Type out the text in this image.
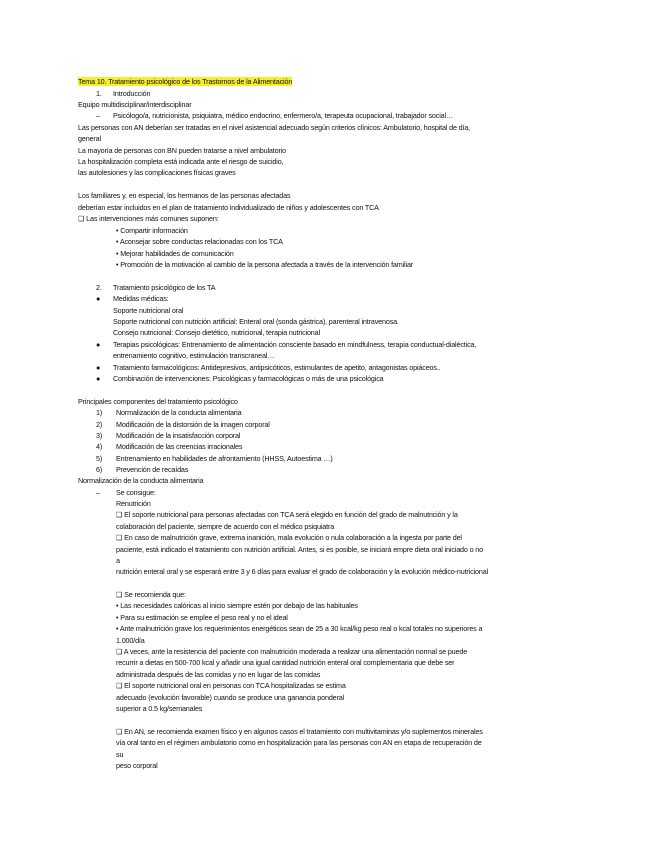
Tema 10. Tratamiento psicológico de los Trastornos de la Alimentación
1. Introducción
Equipo multidisciplinar/interdisciplinar
– Psicólogo/a, nutricionista, psiquiatra, médico endocrino, enfermero/a, terapeuta ocupacional, trabajador social…
Las personas con AN deberían ser tratadas en el nivel asistencial adecuado según criterios clínicos: Ambulatorio, hospital de día,
general
La mayoría de personas con BN pueden tratarse a nivel ambulatorio
La hospitalización completa está indicada ante el riesgo de suicidio,
las autolesiones y las complicaciones físicas graves
Los familiares y, en especial, los hermanos de las personas afectadas
deberían estar incluidos en el plan de tratamiento individualizado de niños y adolescentes con TCA
❑ Las intervenciones más comunes suponen:
• Compartir información
• Aconsejar sobre conductas relacionadas con los TCA
• Mejorar habilidades de comunicación
• Promoción de la motivación al cambio de la persona afectada a través de la intervención familiar
2. Tratamiento psicológico de los TA
● Medidas médicas:
Soporte nutricional oral
Soporte nutricional con nutrición artificial: Enteral oral (sonda gástrica), parenteral intravenosa.
Consejo nutricional: Consejo dietético, nutricional, terapia nutricional
● Terapias psicológicas: Entrenamiento de alimentación consciente basado en mindfulness, terapia conductual-dialéctica,
entrenamiento cognitivo, estimulación transcraneal…
● Tratamiento farmacológicos: Antidepresivos, antipsicóticos, estimulantes de apetito, antagonistas opiáceos..
● Combinación de intervenciones: Psicológicas y farmacológicas o más de una psicológica
Principales componentes del tratamiento psicológico
1) Normalización de la conducta alimentaria
2) Modificación de la distorsión de la imagen corporal
3) Modificación de la insatisfacción corporal
4) Modificación de las creencias irracionales
5) Entrenamiento en habilidades de afrontamiento (HHSS, Autoestima …)
6) Prevención de recaídas
Normalización de la conducta alimentaria
– Se consigue:
Renutrición
❑ El soporte nutricional para personas afectadas con TCA será elegido en función del grado de malnutrición y la
colaboración del paciente, siempre de acuerdo con el médico psiquiatra
❑ En caso de malnutrición grave, extrema inanición, mala evolución o nula colaboración a la ingesta por parte del
paciente, está indicado el tratamiento con nutrición artificial. Antes, si es posible, se iniciará empre dieta oral iniciado o no
a
nutrición enteral oral y se esperará entre 3 y 6 días para evaluar el grado de colaboración y la evolución médico-nutricional
❑ Se recomienda que:
• Las necesidades calóricas al inicio siempre estén por debajo de las habituales
• Para su estimación se emplee el peso real y no el ideal
• Ante malnutrición grave los requerimientos energéticos sean de 25 a 30 kcal/kg peso real o kcal totales no superiores a
1.000/día
❑ A veces, ante la resistencia del paciente con malnutrición moderada a realizar una alimentación normal se puede
recurrir a dietas en 500-700 kcal y añadir una igual cantidad nutrición enteral oral complementaria que debe ser
administrada después de las comidas y no en lugar de las comidas
❑ El soporte nutricional oral en personas con TCA hospitalizadas se estima
adecuado (evolución favorable) cuando se produce una ganancia ponderal
superior a 0.5 kg/semanales
❑ En AN, se recomienda examen físico y en algunos casos el tratamiento con multivitaminas y/o suplementos minerales
vía oral tanto en el régimen ambulatorio como en hospitalización para las personas con AN en etapa de recuperación de
su
peso corporal
